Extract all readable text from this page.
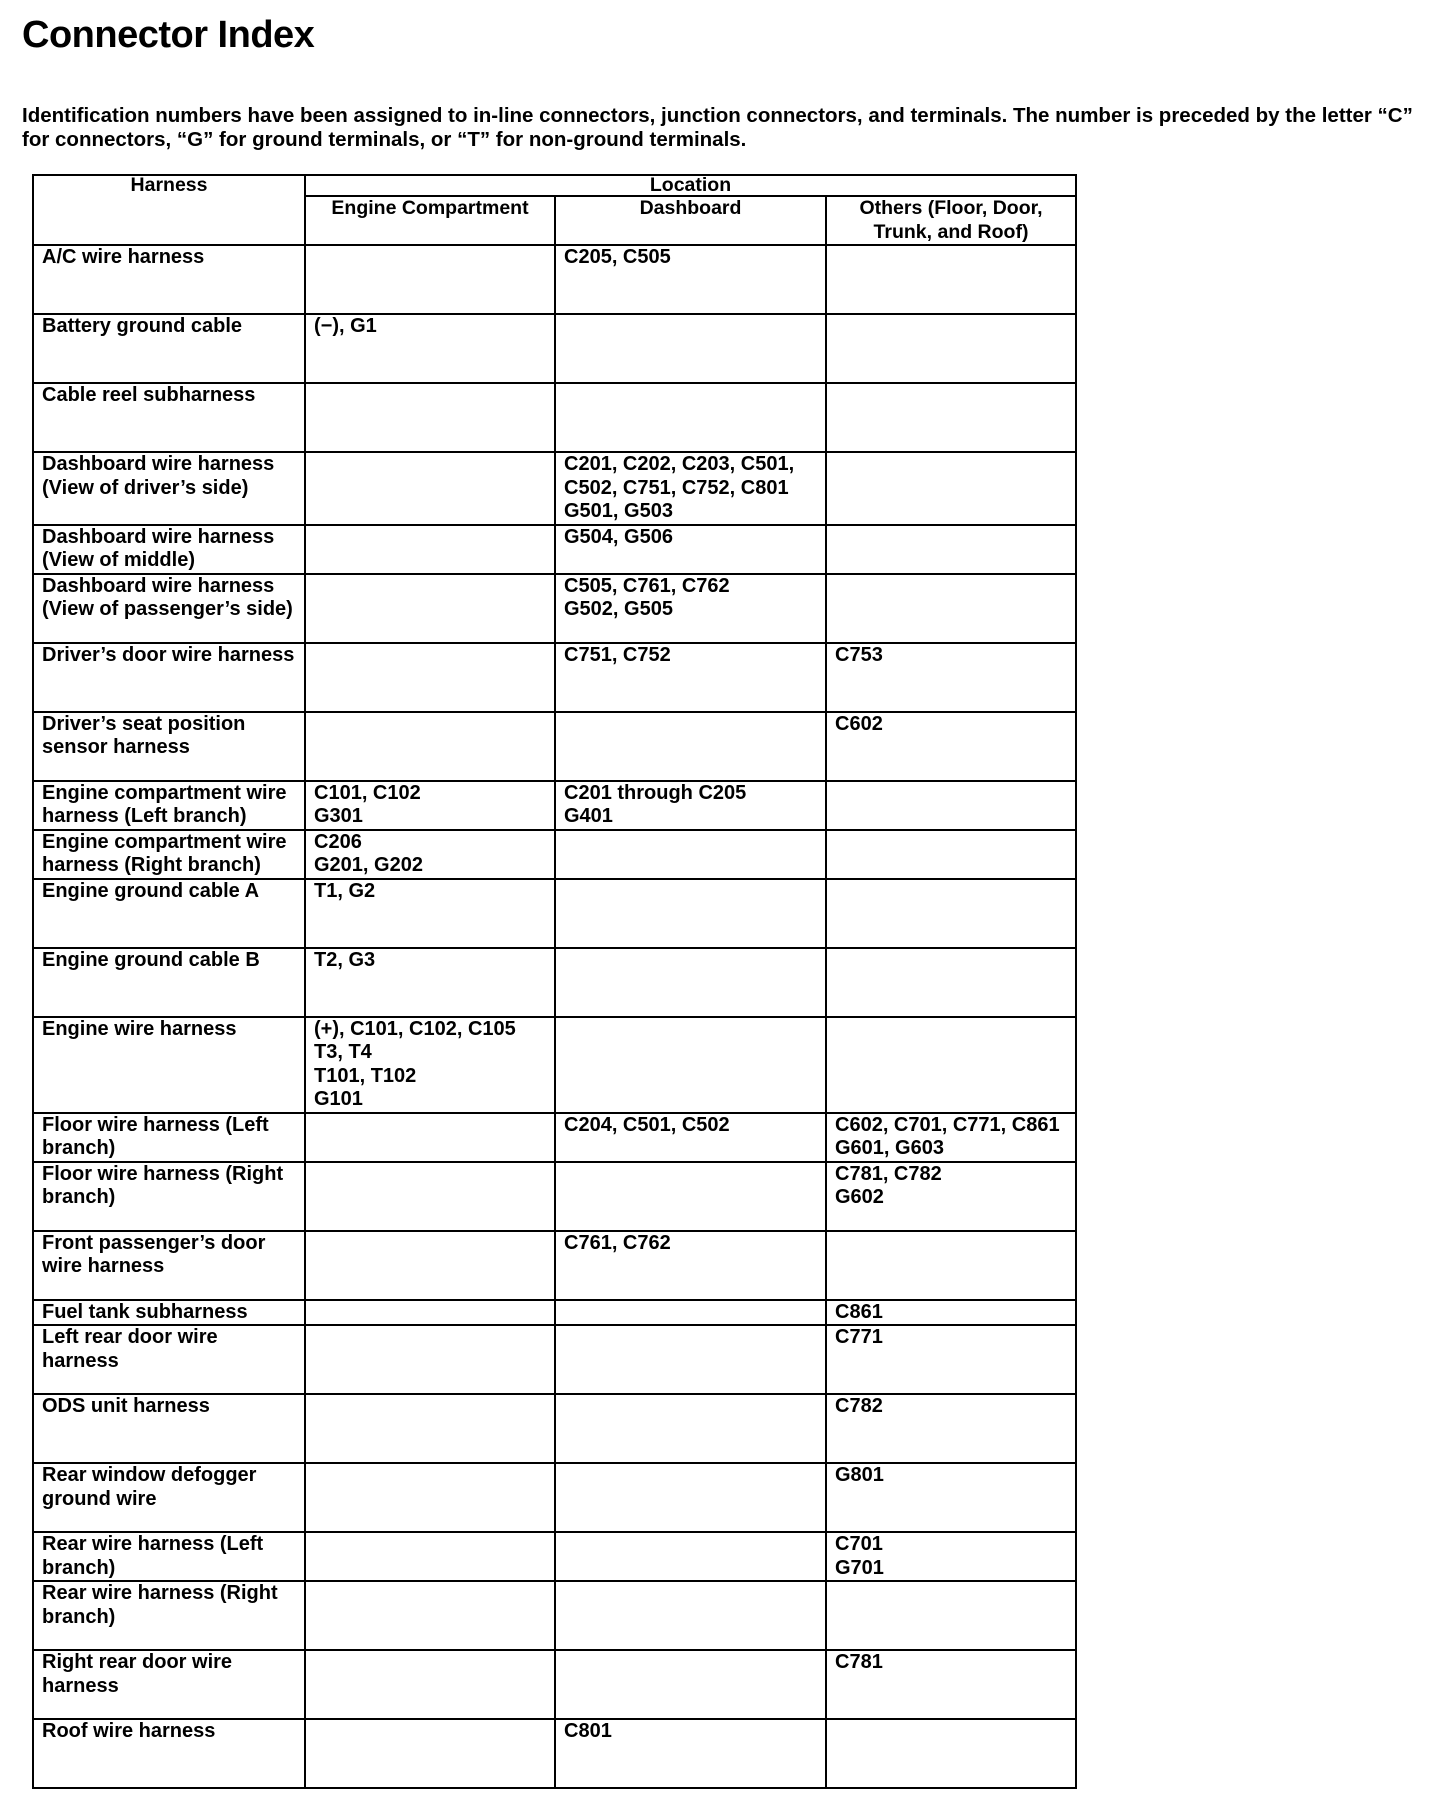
Connector Index

Identification numbers have been assigned to in-line connectors, junction connectors, and terminals. The number is preceded by the letter “C” for connectors, “G” for ground terminals, or “T” for non-ground terminals.

Harness	Location		
	Engine Compartment	Dashboard	Others (Floor, Door, Trunk, and Roof)

A/C wire harness		C205, C505	

Battery ground cable	(−), G1		

Cable reel subharness			

Dashboard wire harness (View of driver’s side)		C201, C202, C203, C501,
C502, C751, C752, C801
G501, G503	

Dashboard wire harness (View of middle)		G504, G506	

Dashboard wire harness (View of passenger’s side)		C505, C761, C762
G502, G505	

Driver’s door wire harness		C751, C752	C753

Driver’s seat position sensor harness			C602

Engine compartment wire harness (Left branch)	C101, C102
G301	C201 through C205
G401	

Engine compartment wire harness (Right branch)	C206
G201, G202		

Engine ground cable A	T1, G2		

Engine ground cable B	T2, G3		

Engine wire harness	(+), C101, C102, C105
T3, T4
T101, T102
G101		

Floor wire harness (Left branch)		C204, C501, C502	C602, C701, C771, C861
G601, G603

Floor wire harness (Right branch)			C781, C782
G602

Front passenger’s door wire harness		C761, C762	

Fuel tank subharness			C861

Left rear door wire harness			C771

ODS unit harness			C782

Rear window defogger ground wire			G801

Rear wire harness (Left branch)			C701
G701

Rear wire harness (Right branch)			

Right rear door wire harness			C781

Roof wire harness		C801	
